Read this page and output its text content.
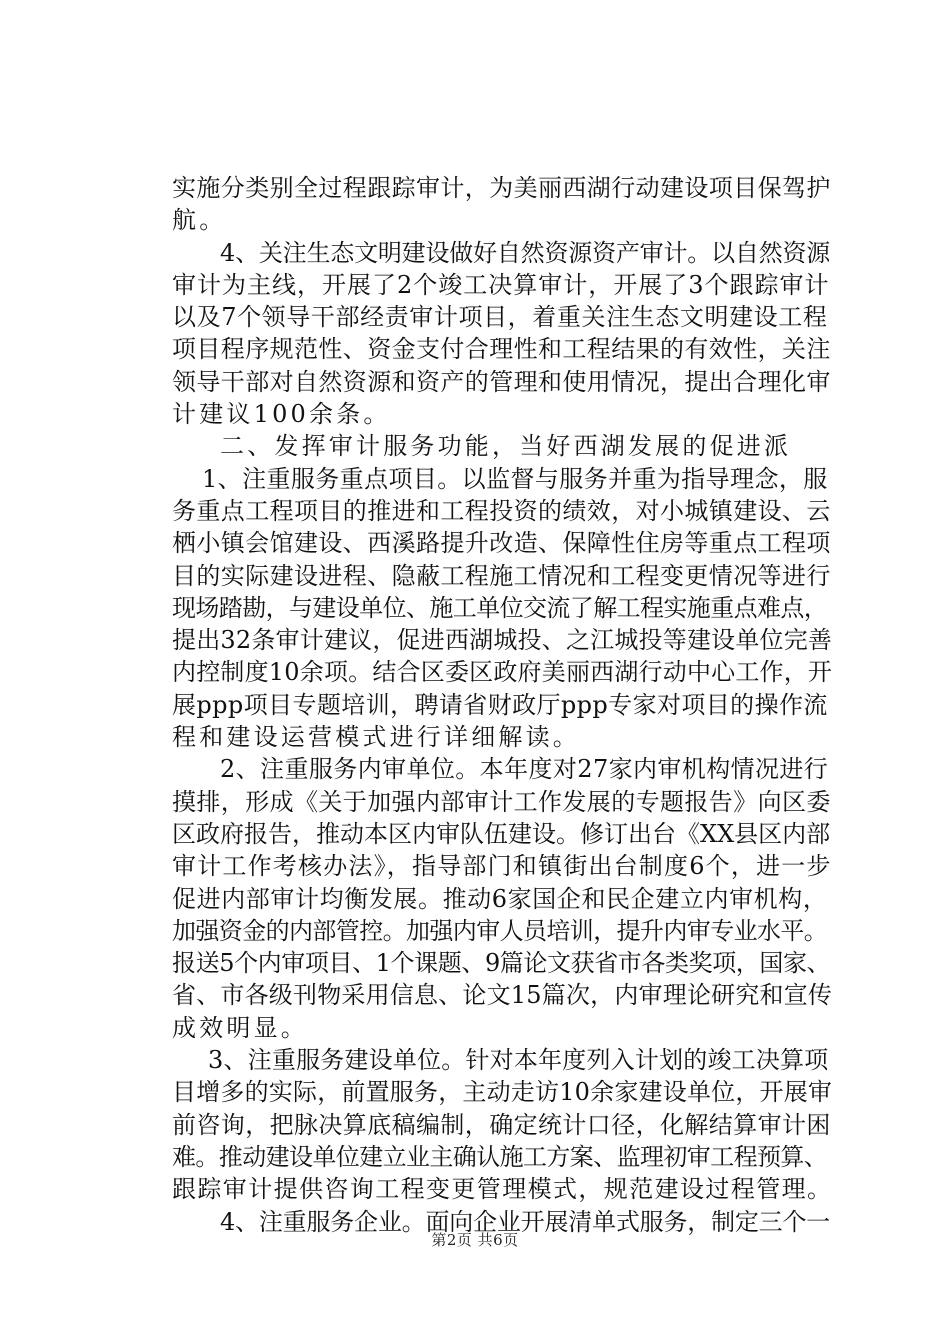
实施分类别全过程跟踪审计，为美丽西湖行动建设项目保驾护
航。
4、关注生态文明建设做好自然资源资产审计。以自然资源
审计为主线，开展了2个竣工决算审计，开展了3个跟踪审计
以及7个领导干部经责审计项目，着重关注生态文明建设工程
项目程序规范性、资金支付合理性和工程结果的有效性，关注
领导干部对自然资源和资产的管理和使用情况，提出合理化审
计建议100余条。
二、发挥审计服务功能，当好西湖发展的促进派
1、注重服务重点项目。以监督与服务并重为指导理念，服
务重点工程项目的推进和工程投资的绩效，对小城镇建设、云
栖小镇会馆建设、西溪路提升改造、保障性住房等重点工程项
目的实际建设进程、隐蔽工程施工情况和工程变更情况等进行
现场踏勘，与建设单位、施工单位交流了解工程实施重点难点，
提出32条审计建议，促进西湖城投、之江城投等建设单位完善
内控制度10余项。结合区委区政府美丽西湖行动中心工作，开
展ppp项目专题培训，聘请省财政厅ppp专家对项目的操作流
程和建设运营模式进行详细解读。
2、注重服务内审单位。本年度对27家内审机构情况进行
摸排，形成《关于加强内部审计工作发展的专题报告》向区委
区政府报告，推动本区内审队伍建设。修订出台《XX县区内部
审计工作考核办法》，指导部门和镇街出台制度6个，进一步
促进内部审计均衡发展。推动6家国企和民企建立内审机构，
加强资金的内部管控。加强内审人员培训，提升内审专业水平。
报送5个内审项目、1个课题、9篇论文获省市各类奖项，国家、
省、市各级刊物采用信息、论文15篇次，内审理论研究和宣传
成效明显。
3、注重服务建设单位。针对本年度列入计划的竣工决算项
目增多的实际，前置服务，主动走访10余家建设单位，开展审
前咨询，把脉决算底稿编制，确定统计口径，化解结算审计困
难。推动建设单位建立业主确认施工方案、监理初审工程预算、
跟踪审计提供咨询工程变更管理模式，规范建设过程管理。
4、注重服务企业。面向企业开展清单式服务，制定三个一
第2页 共6页
